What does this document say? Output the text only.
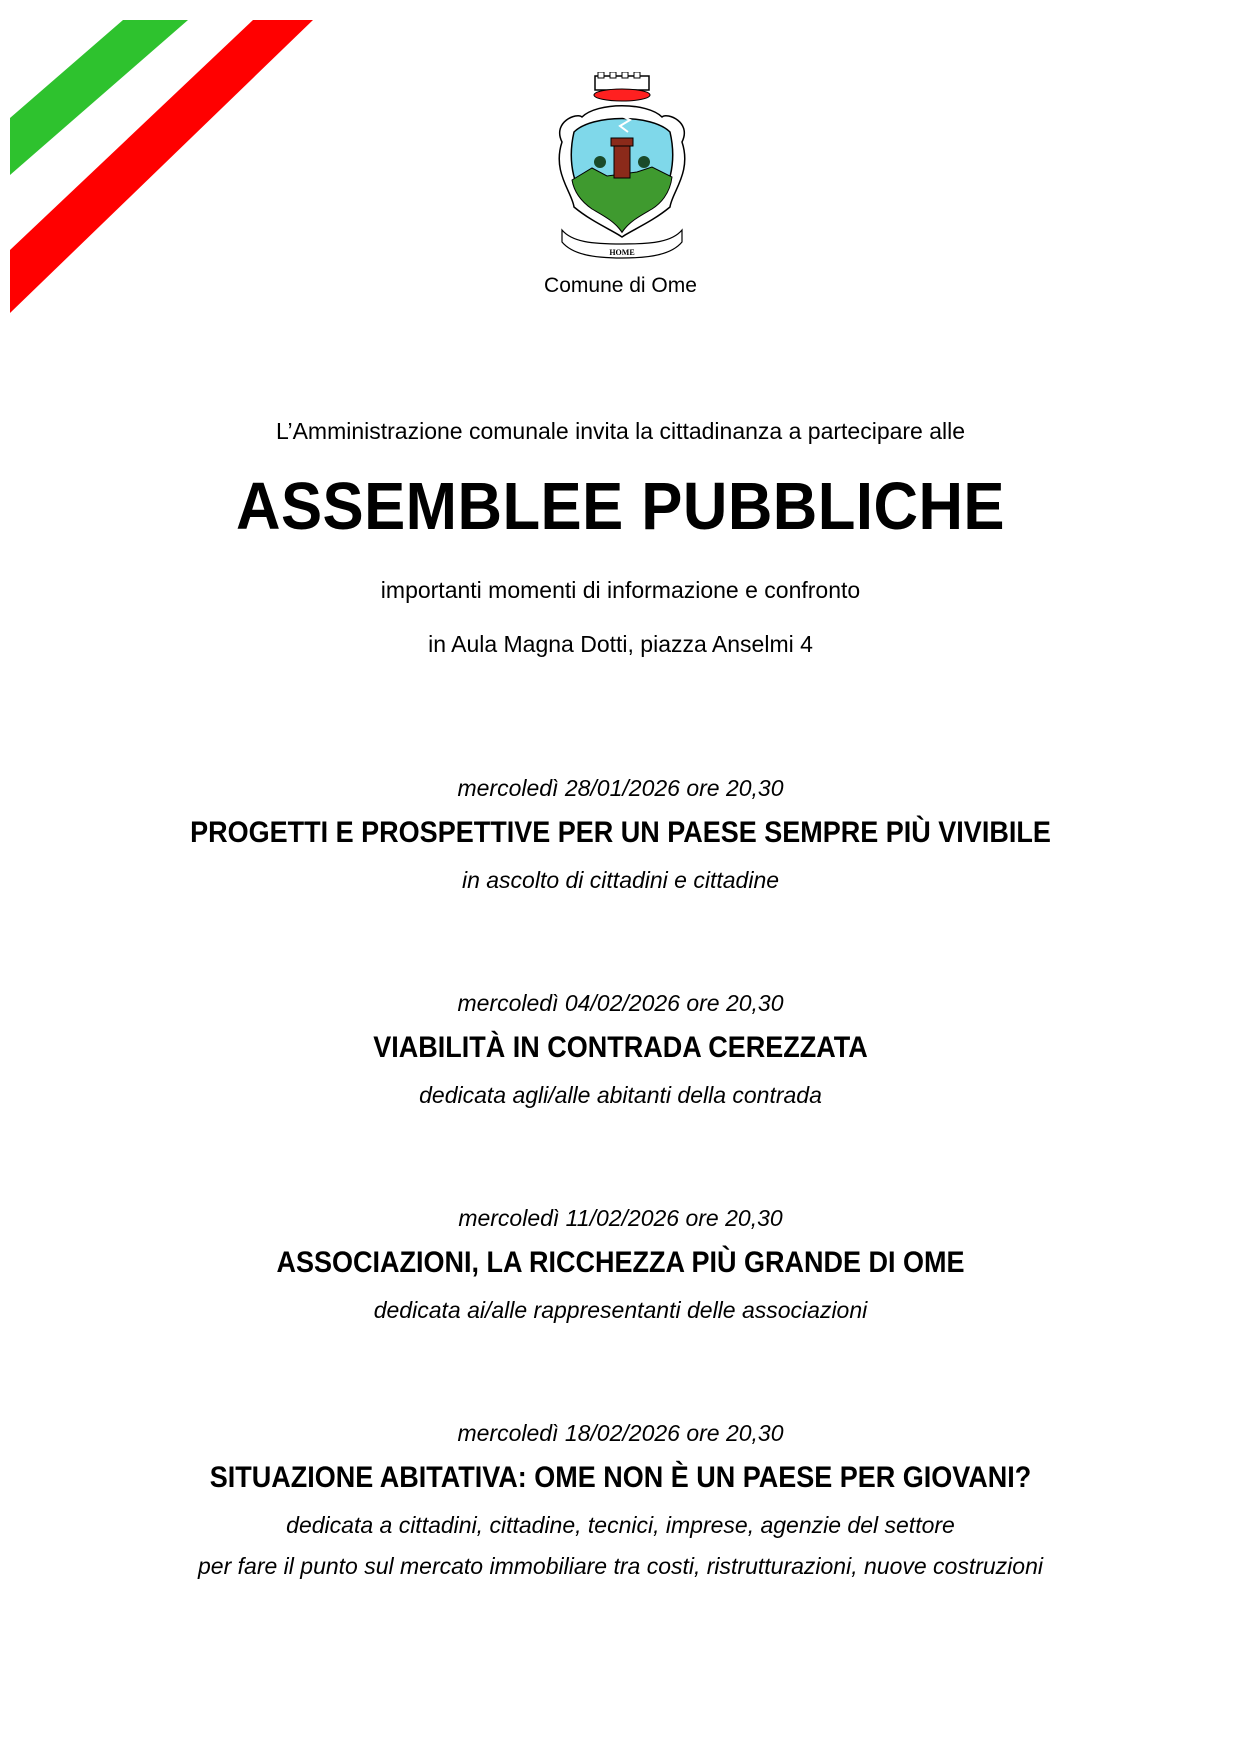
HOME
Comune di Ome
L’Amministrazione comunale invita la cittadinanza a partecipare alle
ASSEMBLEE PUBBLICHE
importanti momenti di informazione e confronto
in Aula Magna Dotti, piazza Anselmi 4
mercoledì 28/01/2026 ore 20,30
PROGETTI E PROSPETTIVE PER UN PAESE SEMPRE PIÙ VIVIBILE
in ascolto di cittadini e cittadine
mercoledì 04/02/2026 ore 20,30
VIABILITÀ IN CONTRADA CEREZZATA
dedicata agli/alle abitanti della contrada
mercoledì 11/02/2026 ore 20,30
ASSOCIAZIONI, LA RICCHEZZA PIÙ GRANDE DI OME
dedicata ai/alle rappresentanti delle associazioni
mercoledì 18/02/2026 ore 20,30
SITUAZIONE ABITATIVA: OME NON È UN PAESE PER GIOVANI?
dedicata a cittadini, cittadine, tecnici, imprese, agenzie del settore
per fare il punto sul mercato immobiliare tra costi, ristrutturazioni, nuove costruzioni
